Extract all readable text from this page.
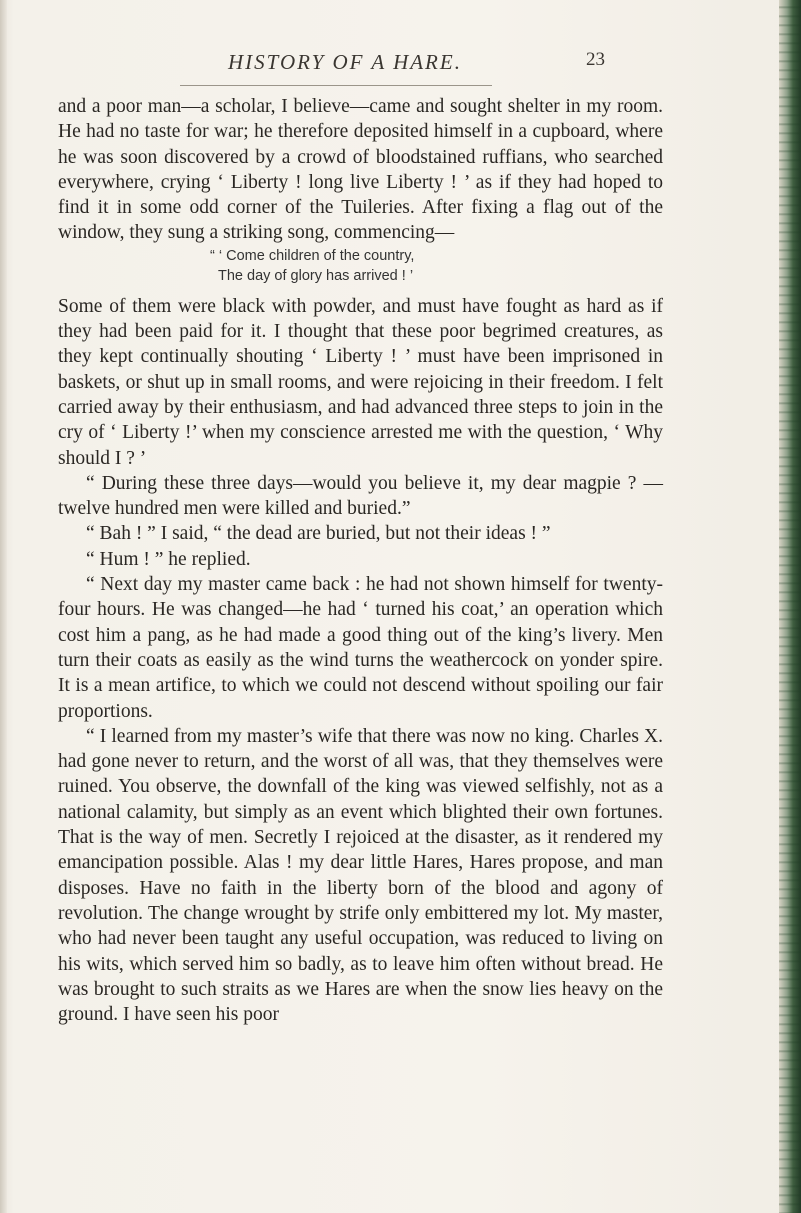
HISTORY OF A HARE.	23

and a poor man—a scholar, I believe—came and sought shelter in my room. He had no taste for war; he therefore deposited himself in a cupboard, where he was soon discovered by a crowd of bloodstained ruffians, who searched everywhere, crying ‘ Liberty ! long live Liberty ! ’ as if they had hoped to find it in some odd corner of the Tuileries. After fixing a flag out of the window, they sung a striking song, commencing—

“ ‘ Come children of the country,

The day of glory has arrived ! ’

Some of them were black with powder, and must have fought as hard as if they had been paid for it. I thought that these poor begrimed creatures, as they kept continually shouting ‘ Liberty ! ’ must have been imprisoned in baskets, or shut up in small rooms, and were rejoicing in their freedom. I felt carried away by their enthusiasm, and had advanced three steps to join in the cry of ‘ Liberty !’ when my conscience arrested me with the question, ‘ Why should I ? ’

“ During these three days—would you believe it, my dear magpie ? —twelve hundred men were killed and buried.”

“ Bah ! ” I said, “ the dead are buried, but not their ideas ! ”

“ Hum ! ” he replied.

“ Next day my master came back : he had not shown himself for twenty-four hours. He was changed—he had ‘ turned his coat,’ an operation which cost him a pang, as he had made a good thing out of the king’s livery. Men turn their coats as easily as the wind turns the weathercock on yonder spire. It is a mean artifice, to which we could not descend without spoiling our fair proportions.

“ I learned from my master’s wife that there was now no king. Charles X. had gone never to return, and the worst of all was, that they themselves were ruined. You observe, the downfall of the king was viewed selfishly, not as a national calamity, but simply as an event which blighted their own fortunes. That is the way of men. Secretly I rejoiced at the disaster, as it rendered my emancipation possible. Alas ! my dear little Hares, Hares propose, and man disposes. Have no faith in the liberty born of the blood and agony of revolution. The change wrought by strife only embittered my lot. My master, who had never been taught any useful occupation, was reduced to living on his wits, which served him so badly, as to leave him often without bread. He was brought to such straits as we Hares are when the snow lies heavy on the ground. I have seen his poor
